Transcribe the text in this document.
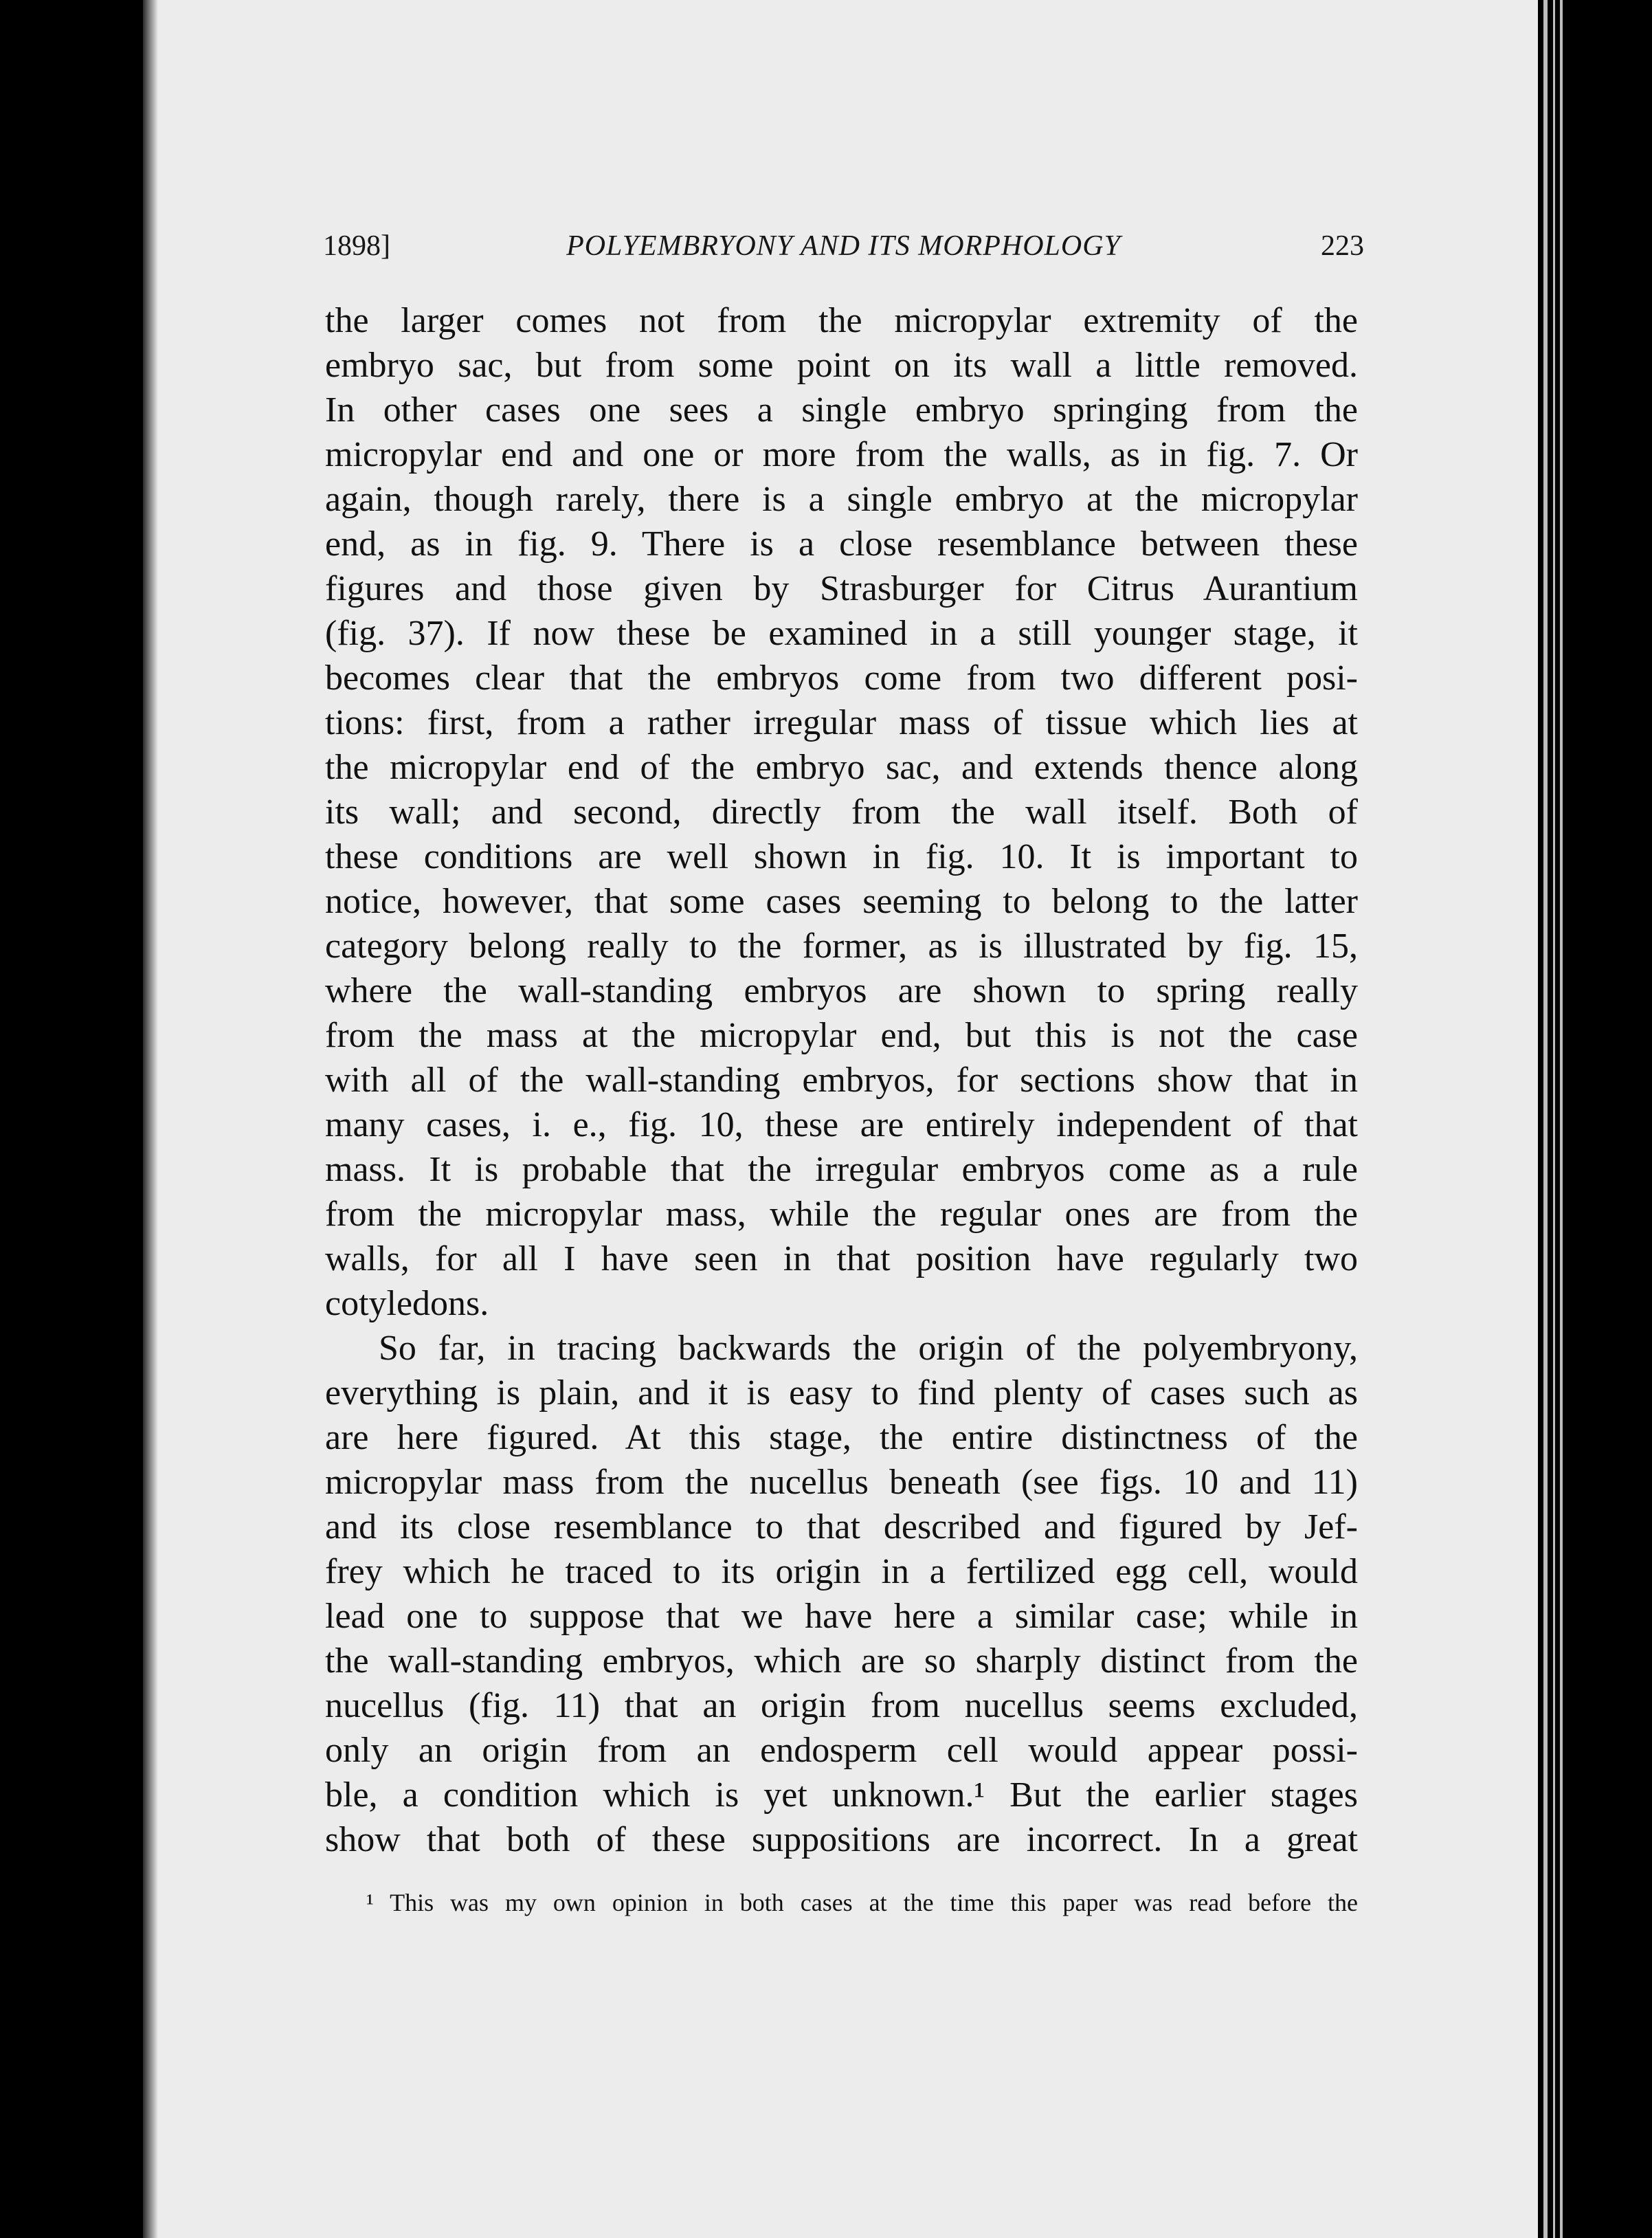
1898]	POLYEMBRYONY AND ITS MORPHOLOGY	223
the larger comes not from the micropylar extremity of the
embryo sac, but from some point on its wall a little removed.
In other cases one sees a single embryo springing from the
micropylar end and one or more from the walls, as in fig. 7. Or
again, though rarely, there is a single embryo at the micropylar
end, as in fig. 9. There is a close resemblance between these
figures and those given by Strasburger for Citrus Aurantium
(fig. 37). If now these be examined in a still younger stage, it
becomes clear that the embryos come from two different posi-
tions: first, from a rather irregular mass of tissue which lies at
the micropylar end of the embryo sac, and extends thence along
its wall; and second, directly from the wall itself. Both of
these conditions are well shown in fig. 10. It is important to
notice, however, that some cases seeming to belong to the latter
category belong really to the former, as is illustrated by fig. 15,
where the wall-standing embryos are shown to spring really
from the mass at the micropylar end, but this is not the case
with all of the wall-standing embryos, for sections show that in
many cases, i. e., fig. 10, these are entirely independent of that
mass. It is probable that the irregular embryos come as a rule
from the micropylar mass, while the regular ones are from the
walls, for all I have seen in that position have regularly two
cotyledons.
So far, in tracing backwards the origin of the polyembryony,
everything is plain, and it is easy to find plenty of cases such as
are here figured. At this stage, the entire distinctness of the
micropylar mass from the nucellus beneath (see figs. 10 and 11)
and its close resemblance to that described and figured by Jef-
frey which he traced to its origin in a fertilized egg cell, would
lead one to suppose that we have here a similar case; while in
the wall-standing embryos, which are so sharply distinct from the
nucellus (fig. 11) that an origin from nucellus seems excluded,
only an origin from an endosperm cell would appear possi-
ble, a condition which is yet unknown.¹ But the earlier stages
show that both of these suppositions are incorrect. In a great
¹ This was my own opinion in both cases at the time this paper was read before the
